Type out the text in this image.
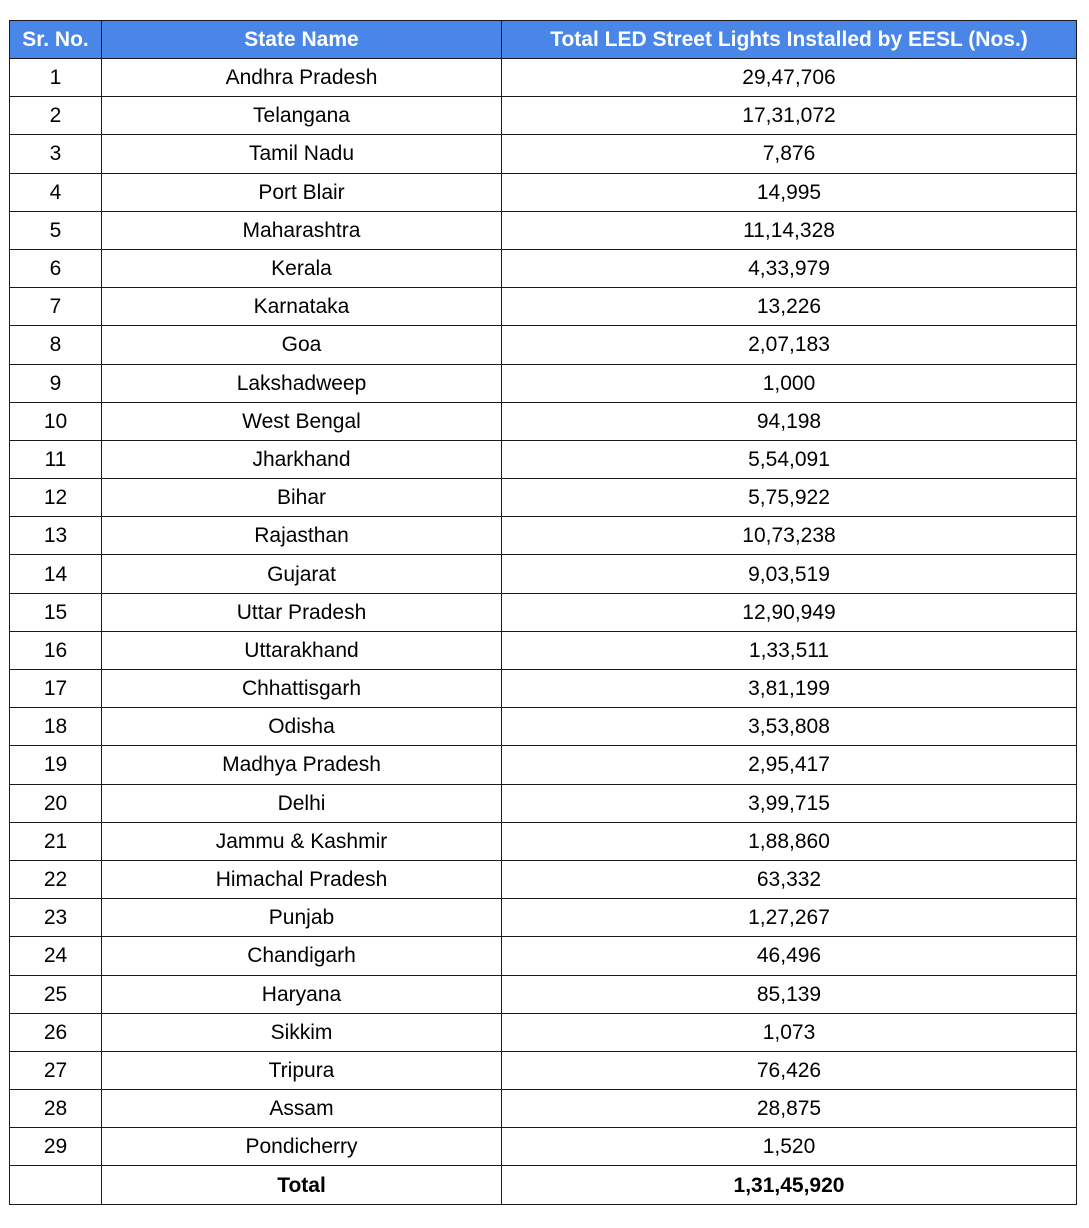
Sr. No.	State Name	Total LED Street Lights Installed by EESL (Nos.)
1	Andhra Pradesh	29,47,706
2	Telangana	17,31,072
3	Tamil Nadu	7,876
4	Port Blair	14,995
5	Maharashtra	11,14,328
6	Kerala	4,33,979
7	Karnataka	13,226
8	Goa	2,07,183
9	Lakshadweep	1,000
10	West Bengal	94,198
11	Jharkhand	5,54,091
12	Bihar	5,75,922
13	Rajasthan	10,73,238
14	Gujarat	9,03,519
15	Uttar Pradesh	12,90,949
16	Uttarakhand	1,33,511
17	Chhattisgarh	3,81,199
18	Odisha	3,53,808
19	Madhya Pradesh	2,95,417
20	Delhi	3,99,715
21	Jammu & Kashmir	1,88,860
22	Himachal Pradesh	63,332
23	Punjab	1,27,267
24	Chandigarh	46,496
25	Haryana	85,139
26	Sikkim	1,073
27	Tripura	76,426
28	Assam	28,875
29	Pondicherry	1,520
	Total	1,31,45,920
